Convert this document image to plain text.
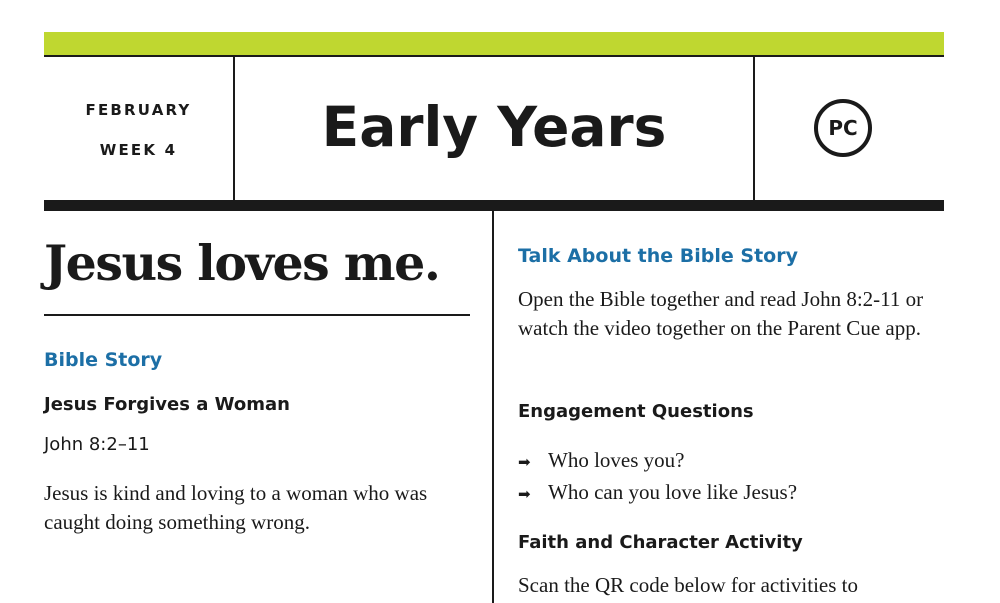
FEBRUARY
WEEK 4	Early Years	PC
Jesus loves me.
Bible Story
Jesus Forgives a Woman
John 8:2–11
Jesus is kind and loving to a woman who was caught doing something wrong.
Talk About the Bible Story
Open the Bible together and read John 8:2-11 or watch the video together on the Parent Cue app.
Engagement Questions
➡ Who loves you?
➡ Who can you love like Jesus?
Faith and Character Activity
Scan the QR code below for activities to
